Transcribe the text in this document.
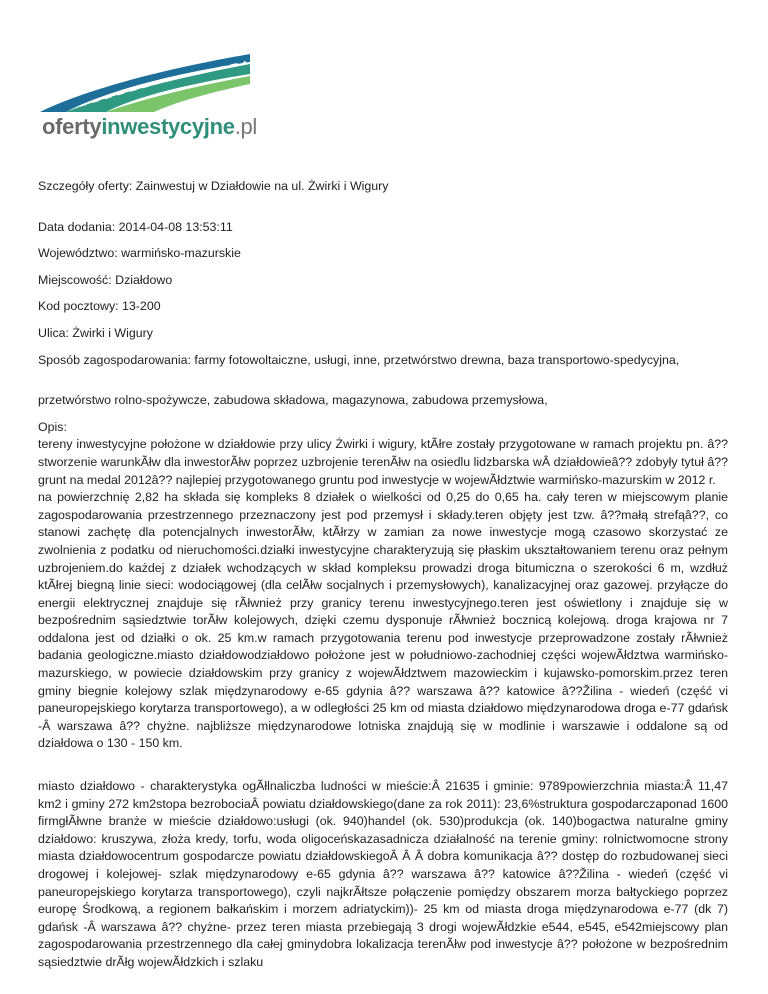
ofertyinwestycyjne.pl

Szczegóły oferty: Zainwestuj w Działdowie na ul. Żwirki i Wigury

Data dodania: 2014-04-08 13:53:11

Województwo: warmińsko-mazurskie

Miejscowość: Działdowo

Kod pocztowy: 13-200

Ulica: Żwirki i Wigury

Sposób zagospodarowania: farmy fotowoltaiczne, usługi, inne, przetwórstwo drewna, baza transportowo-spedycyjna,

przetwórstwo rolno-spożywcze, zabudowa składowa, magazynowa, zabudowa przemysłowa,

Opis:

tereny inwestycyjne położone w działdowie przy ulicy Żwirki i wigury, ktÃłre zostały przygotowane w ramach projektu pn. â??stworzenie warunkÃłw dla inwestorÃłw poprzez uzbrojenie terenÃłw na osiedlu lidzbarska wÂ działdowieâ?? zdobyły tytuł â??grunt na medal 2012â?? najlepiej przygotowanego gruntu pod inwestycje w wojewÃłdztwie warmińsko-mazurskim w 2012 r.

na powierzchnię 2,82 ha składa się kompleks 8 działek o wielkości od 0,25 do 0,65 ha. cały teren w miejscowym planie zagospodarowania przestrzennego przeznaczony jest pod przemysł i składy.teren objęty jest tzw. â??małą strefąâ??, co stanowi zachętę dla potencjalnych inwestorÃłw, ktÃłrzy w zamian za nowe inwestycje mogą czasowo skorzystać ze zwolnienia z podatku od nieruchomości.działki inwestycyjne charakteryzują się płaskim ukształtowaniem terenu oraz pełnym uzbrojeniem.do każdej z działek wchodzących w skład kompleksu prowadzi droga bitumiczna o szerokości 6 m, wzdłuż ktÃłrej biegną linie sieci: wodociągowej (dla celÃłw socjalnych i przemysłowych), kanalizacyjnej oraz gazowej. przyłącze do energii elektrycznej znajduje się rÃłwnież przy granicy terenu inwestycyjnego.teren jest oświetlony i znajduje się w bezpośrednim sąsiedztwie torÃłw kolejowych, dzięki czemu dysponuje rÃłwnież bocznicą kolejową. droga krajowa nr 7 oddalona jest od działki o ok. 25 km.w ramach przygotowania terenu pod inwestycje przeprowadzone zostały rÃłwnież badania geologiczne.miasto działdowodziałdowo położone jest w południowo-zachodniej części wojewÃłdztwa warmińsko-mazurskiego, w powiecie działdowskim przy granicy z wojewÃłdztwem mazowieckim i kujawsko-pomorskim.przez teren gminy biegnie kolejowy szlak międzynarodowy e-65 gdynia â?? warszawa â?? katowice â??Žilina - wiedeń (część vi paneuropejskiego korytarza transportowego), a w odległości 25 km od miasta działdowo międzynarodowa droga e-77 gdańsk -Â warszawa â?? chyżne. najbliższe międzynarodowe lotniska znajdują się w modlinie i warszawie i oddalone są od działdowa o 130 - 150 km.

miasto działdowo - charakterystyka ogÃłlnaliczba ludności w mieście:Â 21635 i gminie: 9789powierzchnia miasta:Â 11,47 km2 i gminy 272 km2stopa bezrobociaÂ powiatu działdowskiego(dane za rok 2011): 23,6%struktura gospodarczaponad 1600 firmgłÃłwne branże w mieście działdowo:usługi (ok. 940)handel (ok. 530)produkcja (ok. 140)bogactwa naturalne gminy działdowo: kruszywa, złoża kredy, torfu, woda oligoceńskazasadnicza działalność na terenie gminy: rolnictwomocne strony miasta działdowocentrum gospodarcze powiatu działdowskiegoÂ Â Â dobra komunikacja â?? dostęp do rozbudowanej sieci drogowej i kolejowej- szlak międzynarodowy e-65 gdynia â?? warszawa â?? katowice â??Žilina - wiedeń (część vi paneuropejskiego korytarza transportowego), czyli najkrÃłtsze połączenie pomiędzy obszarem morza bałtyckiego poprzez europę Środkową, a regionem bałkańskim i morzem adriatyckim))- 25 km od miasta droga międzynarodowa e-77 (dk 7) gdańsk -Â warszawa â?? chyżne- przez teren miasta przebiegają 3 drogi wojewÃłdzkie e544, e545, e542miejscowy plan zagospodarowania przestrzennego dla całej gminydobra lokalizacja terenÃłw pod inwestycje â?? położone w bezpośrednim sąsiedztwie drÃłg wojewÃłdzkich i szlaku
